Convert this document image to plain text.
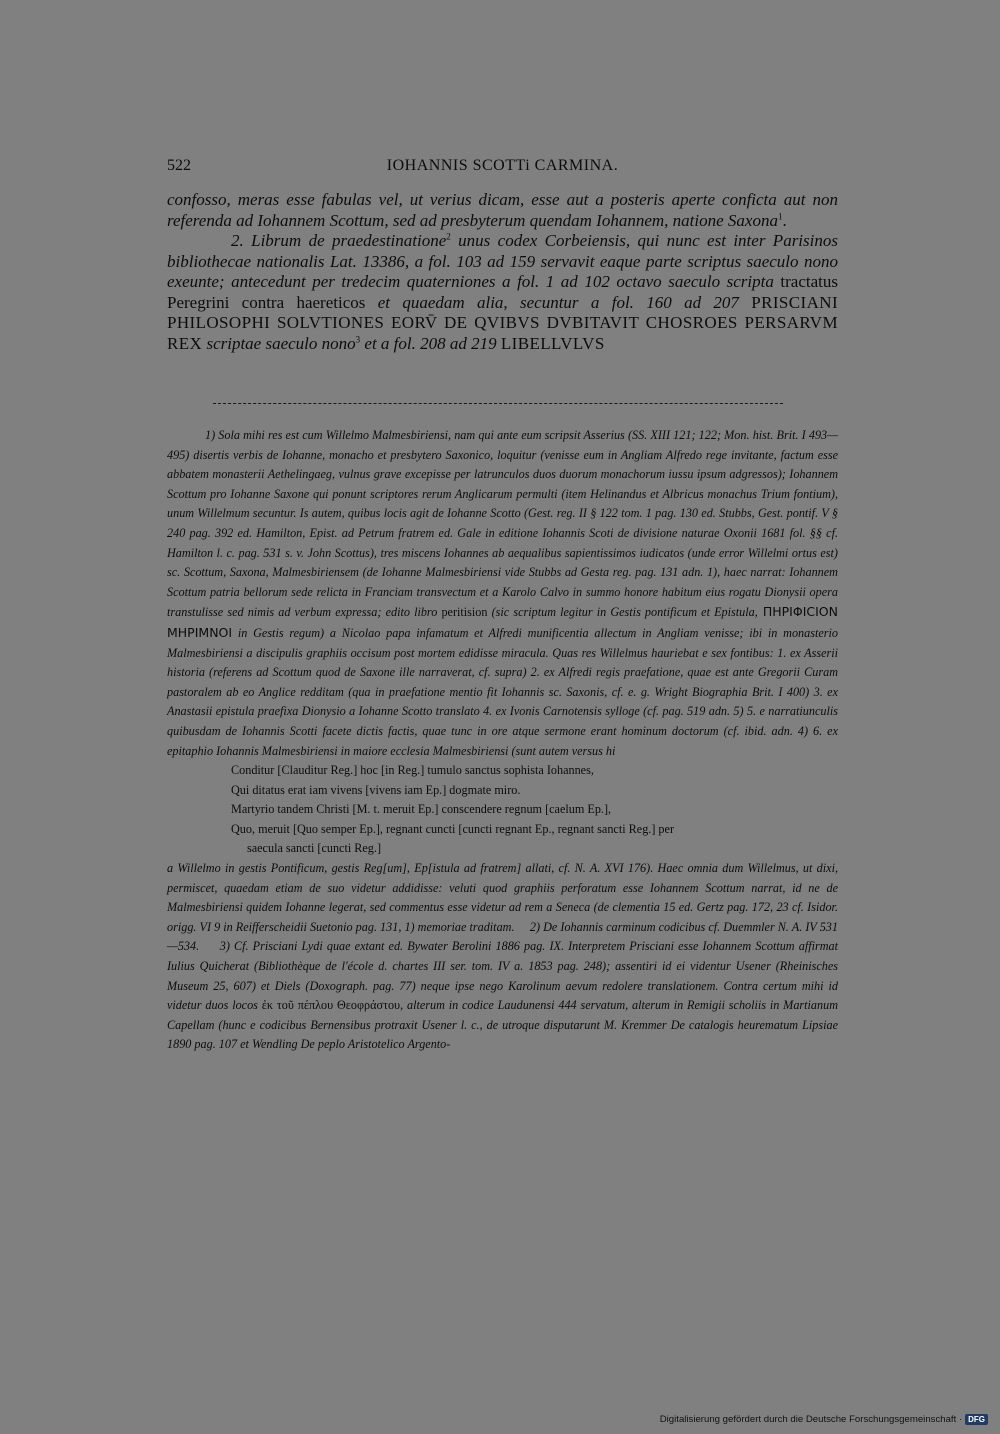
522	IOHANNIS SCOTTi CARMINA.

confosso, meras esse fabulas vel, ut verius dicam, esse aut a posteris aperte conficta aut non referenda ad Iohannem Scottum, sed ad presbyterum quendam Iohannem, natione Saxona$^1$.

2. Librum de praedestinatione$^2$ unus codex Corbeiensis, qui nunc est inter Parisinos bibliothecae nationalis Lat. 13386, a fol. 103 ad 159 servavit eaque parte scriptus saeculo nono exeunte; antecedunt per tredecim quaterniones a fol. 1 ad 102 octavo saeculo scripta tractatus Peregrini contra haereticos et quaedam alia, secuntur a fol. 160 ad 207 PRISCIANI PHILOSOPHI SOLVTIONES EORV̄ DE QVIBVS DVBITAVIT CHOSROES PERSARVM REX scriptae saeculo nono$^3$ et a fol. 208 ad 219 LIBELLVLVS

1) Sola mihi res est cum Willelmo Malmesbiriensi, nam qui ante eum scripsit Asserius (SS. XIII 121; 122; Mon. hist. Brit. I 493—495) disertis verbis de Iohanne, monacho et presbytero Saxonico, loquitur (venisse eum in Angliam Alfredo rege invitante, factum esse abbatem monasterii Aethelingaeg, vulnus grave excepisse per latrunculos duos duorum monachorum iussu ipsum adgressos); Iohannem Scottum pro Iohanne Saxone qui ponunt scriptores rerum Anglicarum permulti (item Helinandus et Albricus monachus Trium fontium), unum Willelmum secuntur. Is autem, quibus locis agit de Iohanne Scotto (Gest. reg. II § 122 tom. 1 pag. 130 ed. Stubbs, Gest. pontif. V § 240 pag. 392 ed. Hamilton, Epist. ad Petrum fratrem ed. Gale in editione Iohannis Scoti de divisione naturae Oxonii 1681 fol. §§ cf. Hamilton l. c. pag. 531 s. v. John Scottus), tres miscens Iohannes ab aequalibus sapientissimos iudicatos (unde error Willelmi ortus est) sc. Scottum, Saxona, Malmesbiriensem (de Iohanne Malmesbiriensi vide Stubbs ad Gesta reg. pag. 131 adn. 1), haec narrat: Iohannem Scottum patria bellorum sede relicta in Franciam transvectum et a Karolo Calvo in summo honore habitum eius rogatu Dionysii opera transtulisse sed nimis ad verbum expressa; edito libro peritision (sic scriptum legitur in Gestis pontificum et Epistula, ΠΗΡΙΦΙCΙΟΝ ΜΗΡΙΜΝΟΙ in Gestis regum) a Nicolao papa infamatum et Alfredi munificentia allectum in Angliam venisse; ibi in monasterio Malmesbiriensi a discipulis graphiis occisum post mortem edidisse miracula. Quas res Willelmus hauriebat e sex fontibus: 1. ex Asserii historia (referens ad Scottum quod de Saxone ille narraverat, cf. supra) 2. ex Alfredi regis praefatione, quae est ante Gregorii Curam pastoralem ab eo Anglice redditam (qua in praefatione mentio fit Iohannis sc. Saxonis, cf. e. g. Wright Biographia Brit. I 400) 3. ex Anastasii epistula praefixa Dionysio a Iohanne Scotto translato 4. ex Ivonis Carnotensis sylloge (cf. pag. 519 adn. 5) 5. e narratiunculis quibusdam de Iohannis Scotti facete dictis factis, quae tunc in ore atque sermone erant hominum doctorum (cf. ibid. adn. 4) 6. ex epitaphio Iohannis Malmesbiriensi in maiore ecclesia Malmesbiriensi (sunt autem versus hi

Conditur [Clauditur Reg.] hoc [in Reg.] tumulo sanctus sophista Iohannes,
Qui ditatus erat iam vivens [vivens iam Ep.] dogmate miro.
Martyrio tandem Christi [M. t. meruit Ep.] conscendere regnum [caelum Ep.],
Quo, meruit [Quo semper Ep.], regnant cuncti [cuncti regnant Ep., regnant sancti Reg.] per
saecula sancti [cuncti Reg.]

a Willelmo in gestis Pontificum, gestis Reg[um], Ep[istula ad fratrem] allati, cf. N. A. XVI 176). Haec omnia dum Willelmus, ut dixi, permiscet, quaedam etiam de suo videtur addidisse: veluti quod graphiis perforatum esse Iohannem Scottum narrat, id ne de Malmesbiriensi quidem Iohanne legerat, sed commentus esse videtur ad rem a Seneca (de clementia 15 ed. Gertz pag. 172, 23 cf. Isidor. origg. VI 9 in Reifferscheidii Suetonio pag. 131, 1) memoriae traditam. 2) De Iohannis carminum codicibus cf. Duemmler N. A. IV 531—534. 3) Cf. Prisciani Lydi quae extant ed. Bywater Berolini 1886 pag. IX. Interpretem Prisciani esse Iohannem Scottum affirmat Iulius Quicherat (Bibliothèque de l'école d. chartes III ser. tom. IV a. 1853 pag. 248); assentiri id ei videntur Usener (Rheinisches Museum 25, 607) et Diels (Doxograph. pag. 77) neque ipse nego Karolinum aevum redolere translationem. Contra certum mihi id videtur duos locos ἐκ τοῦ πέπλου Θεοφράστου, alterum in codice Laudunensi 444 servatum, alterum in Remigii scholiis in Martianum Capellam (hunc e codicibus Bernensibus protraxit Usener l. c., de utroque disputarunt M. Kremmer De catalogis heurematum Lipsiae 1890 pag. 107 et Wendling De peplo Aristotelico Argento-

Digitalisierung gefördert durch die Deutsche Forschungsgemeinschaft · DFG
